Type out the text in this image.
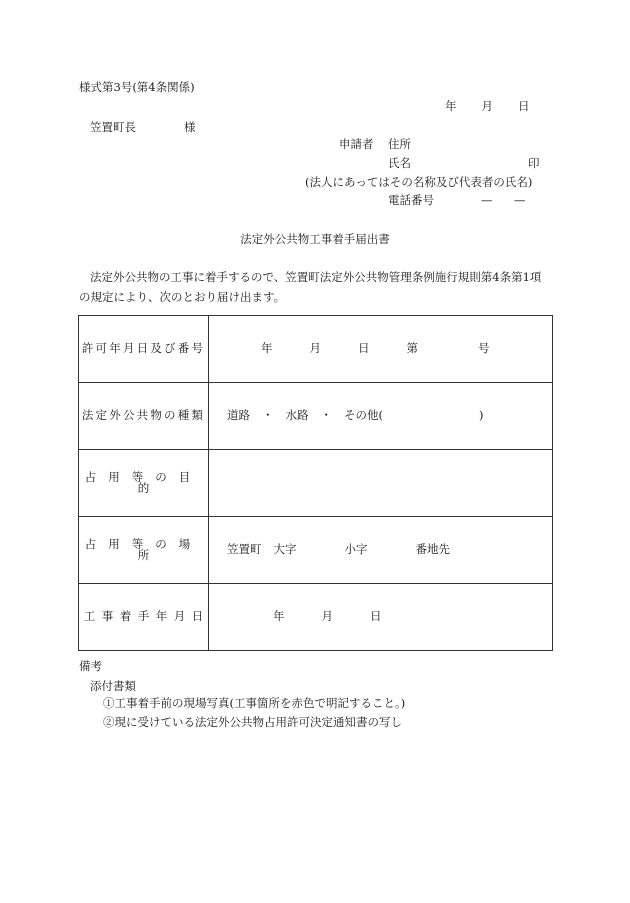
様式第3号(第4条関係)
年 月 日
笠置町長	様
申請者 住所
氏名	印
(法人にあってはその名称及び代表者の氏名)
電話番号	— —
法定外公共物工事着手届出書
法定外公共物の工事に着手するので、笠置町法定外公共物管理条例施行規則第4条第1項
の規定により、次のとおり届け出ます。
許可年月日及び番号	年 月 日 第 号
法定外公共物の種類	道路 ・ 水路 ・ その他( )
占用等の目的	
占用等の場所	笠置町 大字 小字 番地先
工事着手年月日	年 月 日
備考
添付書類
①工事着手前の現場写真(工事箇所を赤色で明記すること。)
②現に受けている法定外公共物占用許可決定通知書の写し
